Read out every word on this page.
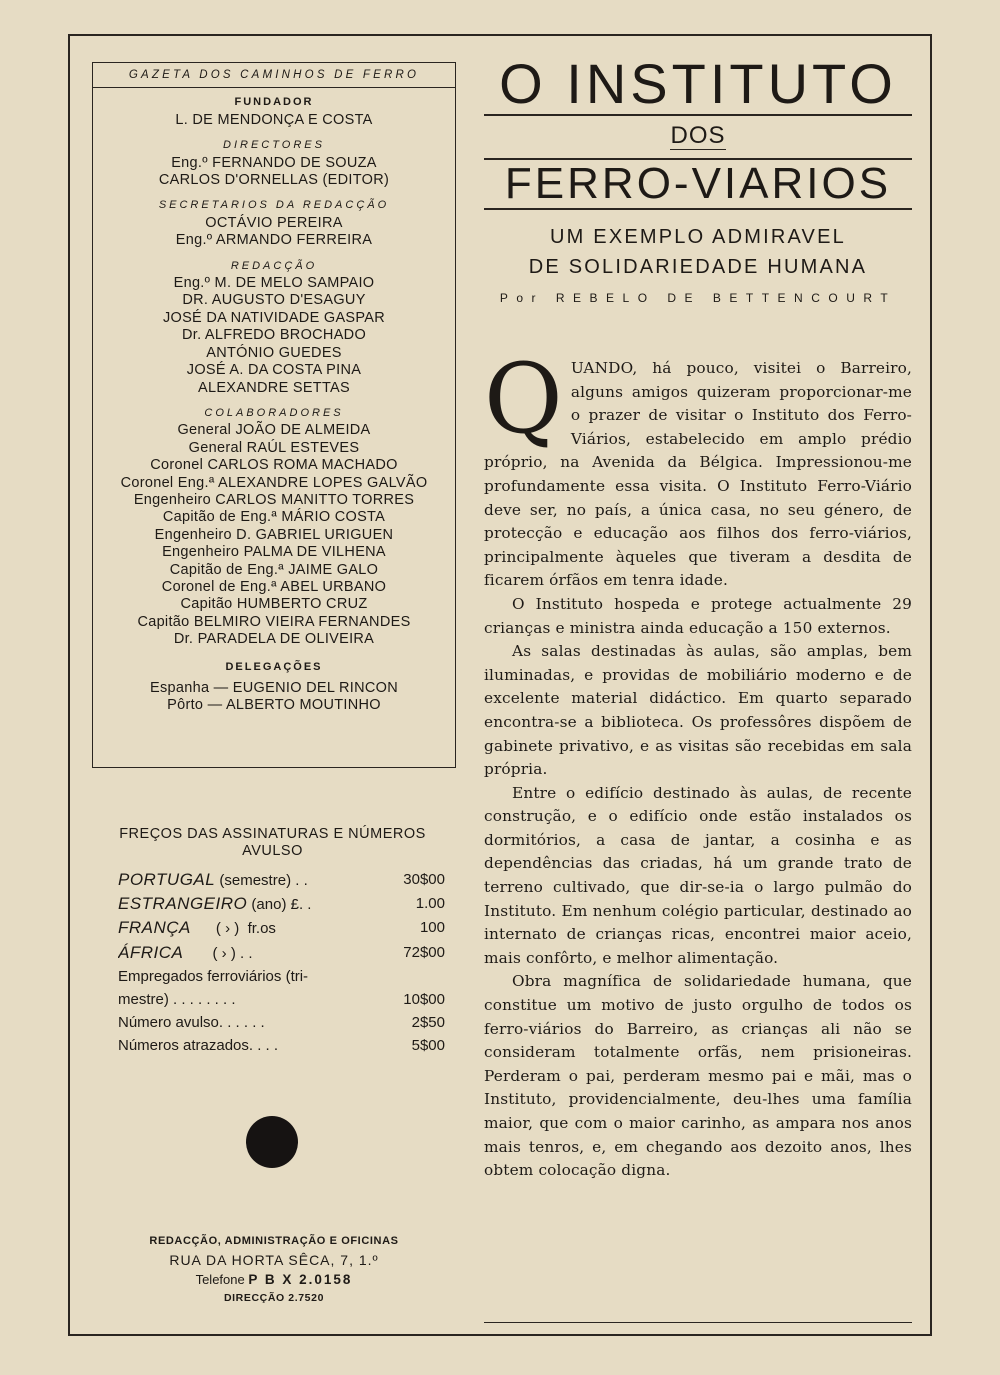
GAZETA DOS CAMINHOS DE FERRO
FUNDADOR
L. DE MENDONÇA E COSTA
DIRECTORES
Eng.º FERNANDO DE SOUZA
CARLOS D'ORNELLAS (EDITOR)
SECRETARIOS DA REDACÇÃO
OCTÁVIO PEREIRA
Eng.º ARMANDO FERREIRA
REDACÇÃO
Eng.º M. DE MELO SAMPAIO
DR. AUGUSTO D'ESAGUY
JOSÉ DA NATIVIDADE GASPAR
Dr. ALFREDO BROCHADO
ANTÓNIO GUEDES
JOSÉ A. DA COSTA PINA
ALEXANDRE SETTAS
COLABORADORES
General JOÃO DE ALMEIDA
General RAÚL ESTEVES
Coronel CARLOS ROMA MACHADO
Coronel Eng.ª ALEXANDRE LOPES GALVÃO
Engenheiro CARLOS MANITTO TORRES
Capitão de Eng.ª MÁRIO COSTA
Engenheiro D. GABRIEL URIGUEN
Engenheiro PALMA DE VILHENA
Capitão de Eng.ª JAIME GALO
Coronel de Eng.ª ABEL URBANO
Capitão HUMBERTO CRUZ
Capitão BELMIRO VIEIRA FERNANDES
Dr. PARADELA DE OLIVEIRA
DELEGAÇÕES
Espanha — EUGENIO DEL RINCON
Pôrto — ALBERTO MOUTINHO
FREÇOS DAS ASSINATURAS E NÚMEROS AVULSO
PORTUGAL (semestre) . .	30$00
ESTRANGEIRO (ano) £. .	1.00
FRANÇA      ( › )  fr.os	100
ÁFRICA       ( › ) . .	72$00
Empregados ferroviários (tri-
mestre) . . . . . . . .	10$00
Número avulso. . . . . .	2$50
Números atrazados. . . .	5$00
REDACÇÃO, ADMINISTRAÇÃO E OFICINAS
RUA DA HORTA SÊCA, 7, 1.º
Telefone P B X 2.0158
DIRECÇÃO 2.7520
O INSTITUTO
DOS
FERRO-VIARIOS
UM EXEMPLO ADMIRAVEL
DE SOLIDARIEDADE HUMANA
Por REBELO DE BETTENCOURT

QUANDO, há pouco, visitei o Barreiro, alguns amigos quizeram proporcionar-me o prazer de visitar o Instituto dos Ferro-Viários, estabelecido em amplo prédio próprio, na Avenida da Bélgica. Impressionou-me profundamente essa visita. O Instituto Ferro-Viário deve ser, no país, a única casa, no seu género, de protecção e educação aos filhos dos ferro-viários, principalmente àqueles que tiveram a desdita de ficarem órfãos em tenra idade.

O Instituto hospeda e protege actualmente 29 crianças e ministra ainda educação a 150 externos.

As salas destinadas às aulas, são amplas, bem iluminadas, e providas de mobiliário moderno e de excelente material didáctico. Em quarto separado encontra-se a biblioteca. Os professôres dispõem de gabinete privativo, e as visitas são recebidas em sala própria.

Entre o edifício destinado às aulas, de recente construção, e o edifício onde estão instalados os dormitórios, a casa de jantar, a cosinha e as dependências das criadas, há um grande trato de terreno cultivado, que dir-se-ia o largo pulmão do Instituto. Em nenhum colégio particular, destinado ao internato de crianças ricas, encontrei maior aceio, mais confôrto, e melhor alimentação.

Obra magnífica de solidariedade humana, que constitue um motivo de justo orgulho de todos os ferro-viários do Barreiro, as crianças ali não se consideram totalmente orfãs, nem prisioneiras. Perderam o pai, perderam mesmo pai e mãi, mas o Instituto, providencialmente, deu-lhes uma família maior, que com o maior carinho, as ampara nos anos mais tenros, e, em chegando aos dezoito anos, lhes obtem colocação digna.
